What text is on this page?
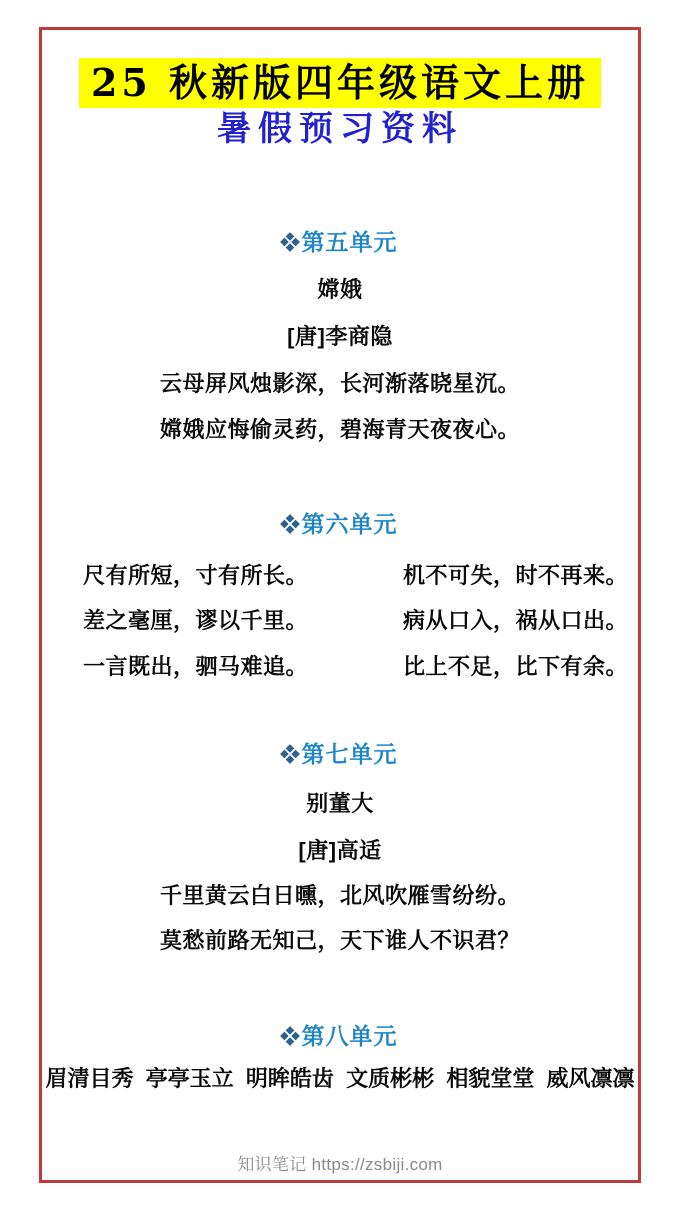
25 秋新版四年级语文上册
暑假预习资料
第五单元
嫦娥
[唐]李商隐
云母屏风烛影深，长河渐落晓星沉。
嫦娥应悔偷灵药，碧海青天夜夜心。
第六单元
尺有所短，寸有所长。	机不可失，时不再来。
差之毫厘，谬以千里。	病从口入，祸从口出。
一言既出，驷马难追。	比上不足，比下有余。
第七单元
别董大
[唐]高适
千里黄云白日曛，北风吹雁雪纷纷。
莫愁前路无知己，天下谁人不识君？
第八单元
眉清目秀  亭亭玉立  明眸皓齿  文质彬彬  相貌堂堂  威风凛凛
知识笔记 https://zsbiji.com
